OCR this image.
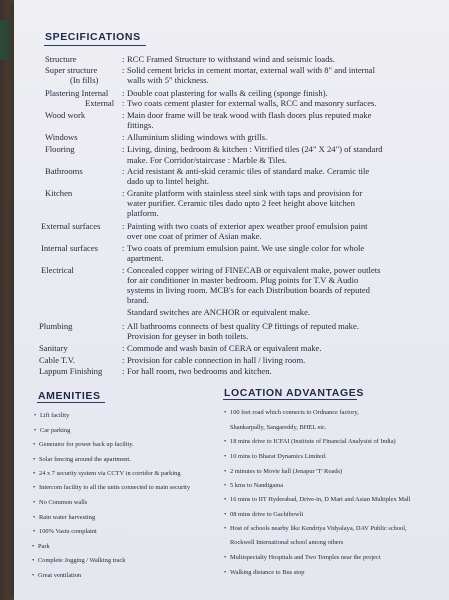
SPECIFICATIONS
Structure	: RCC Framed Structure to withstand wind and seismic loads.
Super structure	: Solid cement bricks in cement mortar, external wall with 8" and internal
(In fills)	walls with 5" thickness.
Plastering Internal : Double coat plastering for walls & ceiling (sponge finish).
External : Two coats cement plaster for external walls, RCC and masonry surfaces.
Wood work	: Main door frame will be teak wood with flash doors plus reputed make
fittings.
Windows	: Alluminium sliding windows with grills.
Flooring	: Living, dining, bedroom & kitchen : Vitrified tiles (24" X 24") of standard
make. For Corridor/staircase : Marble & Tiles.
Bathrooms	: Acid resistant & anti-skid ceramic tiles of standard make. Ceramic tile
dado up to lintel height.
Kitchen	: Granite platform with stainless steel sink with taps and provision for
water purifier. Ceramic tiles dado upto 2 feet height above kitchen
platform.
External surfaces	: Painting with two coats of exterior apex weather proof emulsion paint
over one coat of primer of Asian make.
Internal surfaces	: Two coats of premium emulsion paint. We use single color for whole
apartment.
Electrical	: Concealed copper wiring of FINECAB or equivalent make, power outlets
for air conditioner in master bedroom. Plug points for T.V & Audio
systems in living room. MCB's for each Distribution boards of reputed
brand.
Standard switches are ANCHOR or equivalent make.
Plumbing	: All bathrooms connects of best quality CP fittings of reputed make.
Provision for geyser in both toilets.
Sanitary	: Commode and wash basin of CERA or equivalent make.
Cable T.V.	: Provision for cable connection in hall / living room.
Lappum Finishing : For hall room, two bedrooms and kitchen.
AMENITIES
• Lift facility
• Car parking
• Generator for power back up facility.
• Solar fencing around the apartment.
• 24 x 7 security system via CCTV in corridor & parking
• Intercom facility to all the units connected to main security
• No Common walls
• Rain water harvesting
• 100% Vastu complaint
• Park
• Complete Jogging / Walking track
• Great ventilation
LOCATION ADVANTAGES
• 100 feet road which connects to Ordnance factory,
Shankarpally, Sangareddy, BHEL etc.
• 18 mins drive to ICFAI (Institute of Financial Analysist of India)
• 10 mins to Bharat Dynamics Limited.
• 2 minutes to Movie hall (Jenapur 'T' Roads)
• 5 kms to Nandigama
• 16 mins to IIT Hyderabad, Drive-in, D Mart and Asian Multiplex Mall
• 08 mins drive to Gachibowli
• Host of schools nearby like Kendriya Vidyalaya, DAV Public school,
Rockwell International school among others
• Multispecialty Hospitals and Two Temples near the project
• Walking distance to Bus stop
